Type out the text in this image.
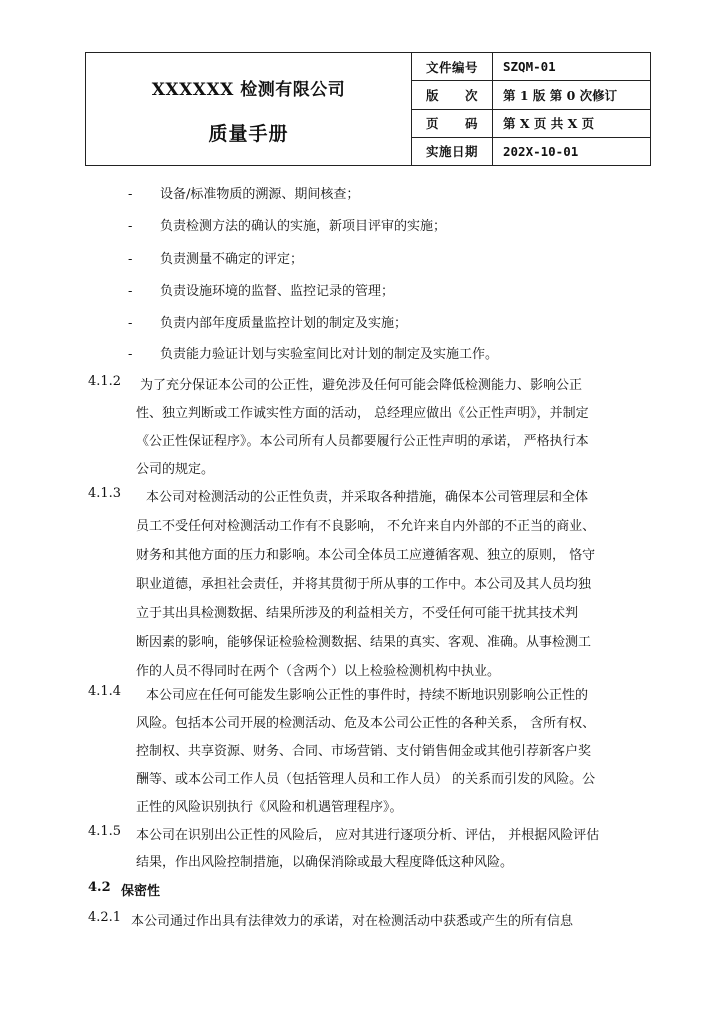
XXXXXX 检测有限公司
质量手册
文件编号	SZQM-01
版　　次	第 1 版 第 0 次修订
页　　码	第 X 页 共 X 页
实施日期	202X-10-01
- 设备/标准物质的溯源、期间核查；
- 负责检测方法的确认的实施，新项目评审的实施；
- 负责测量不确定的评定；
- 负责设施环境的监督、监控记录的管理；
- 负责内部年度质量监控计划的制定及实施；
- 负责能力验证计划与实验室间比对计划的制定及实施工作。
4.1.2 为了充分保证本公司的公正性，避免涉及任何可能会降低检测能力、影响公正
性、独立判断或工作诚实性方面的活动， 总经理应做出《公正性声明》，并制定
《公正性保证程序》。本公司所有人员都要履行公正性声明的承诺， 严格执行本
公司的规定。
4.1.3 本公司对检测活动的公正性负责，并采取各种措施，确保本公司管理层和全体
员工不受任何对检测活动工作有不良影响， 不允许来自内外部的不正当的商业、
财务和其他方面的压力和影响。本公司全体员工应遵循客观、独立的原则， 恪守
职业道德，承担社会责任，并将其贯彻于所从事的工作中。本公司及其人员均独
立于其出具检测数据、结果所涉及的利益相关方，不受任何可能干扰其技术判
断因素的影响，能够保证检验检测数据、结果的真实、客观、准确。从事检测工
作的人员不得同时在两个（含两个）以上检验检测机构中执业。
4.1.4 本公司应在任何可能发生影响公正性的事件时，持续不断地识别影响公正性的
风险。包括本公司开展的检测活动、危及本公司公正性的各种关系， 含所有权、
控制权、共享资源、财务、合同、市场营销、支付销售佣金或其他引荐新客户奖
酬等、或本公司工作人员（包括管理人员和工作人员） 的关系而引发的风险。公
正性的风险识别执行《风险和机遇管理程序》。
4.1.5 本公司在识别出公正性的风险后， 应对其进行逐项分析、评估， 并根据风险评估
结果，作出风险控制措施，以确保消除或最大程度降低这种风险。
4.2 保密性
4.2.1 本公司通过作出具有法律效力的承诺，对在检测活动中获悉或产生的所有信息
